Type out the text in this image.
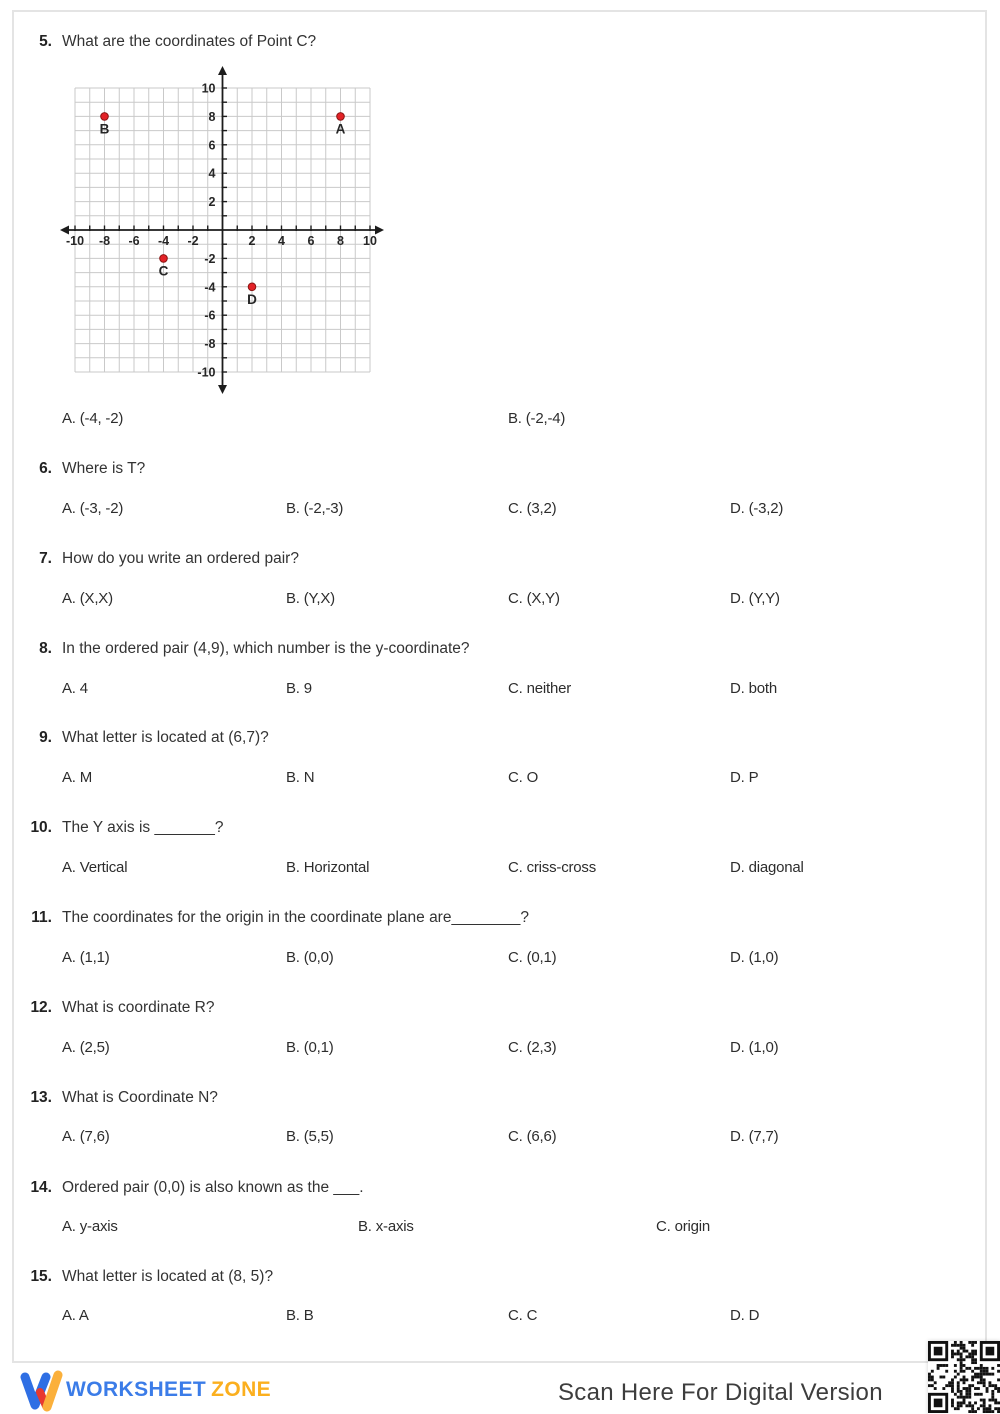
5. What are the coordinates of Point C?
-10
-10
-8
-8
-6
-6
-4
-4
-2
-2
2
2
4
4
6
6
8
8
10
10
A
B
C
D
A. (-4, -2)	B. (-2,-4)
6. Where is T?
A. (-3, -2)	B. (-2,-3)	C. (3,2)	D. (-3,2)
7. How do you write an ordered pair?
A. (X,X)	B. (Y,X)	C. (X,Y)	D. (Y,Y)
8. In the ordered pair (4,9), which number is the y-coordinate?
A. 4	B. 9	C. neither	D. both
9. What letter is located at (6,7)?
A. M	B. N	C. O	D. P
10. The Y axis is _______?
A. Vertical	B. Horizontal	C. criss-cross	D. diagonal
11. The coordinates for the origin in the coordinate plane are________?
A. (1,1)	B. (0,0)	C. (0,1)	D. (1,0)
12. What is coordinate R?
A. (2,5)	B. (0,1)	C. (2,3)	D. (1,0)
13. What is Coordinate N?
A. (7,6)	B. (5,5)	C. (6,6)	D. (7,7)
14. Ordered pair (0,0) is also known as the ___.
A. y-axis	B. x-axis	C. origin
15. What letter is located at (8, 5)?
A. A	B. B	C. C	D. D
WORKSHEET ZONE	Scan Here For Digital Version
